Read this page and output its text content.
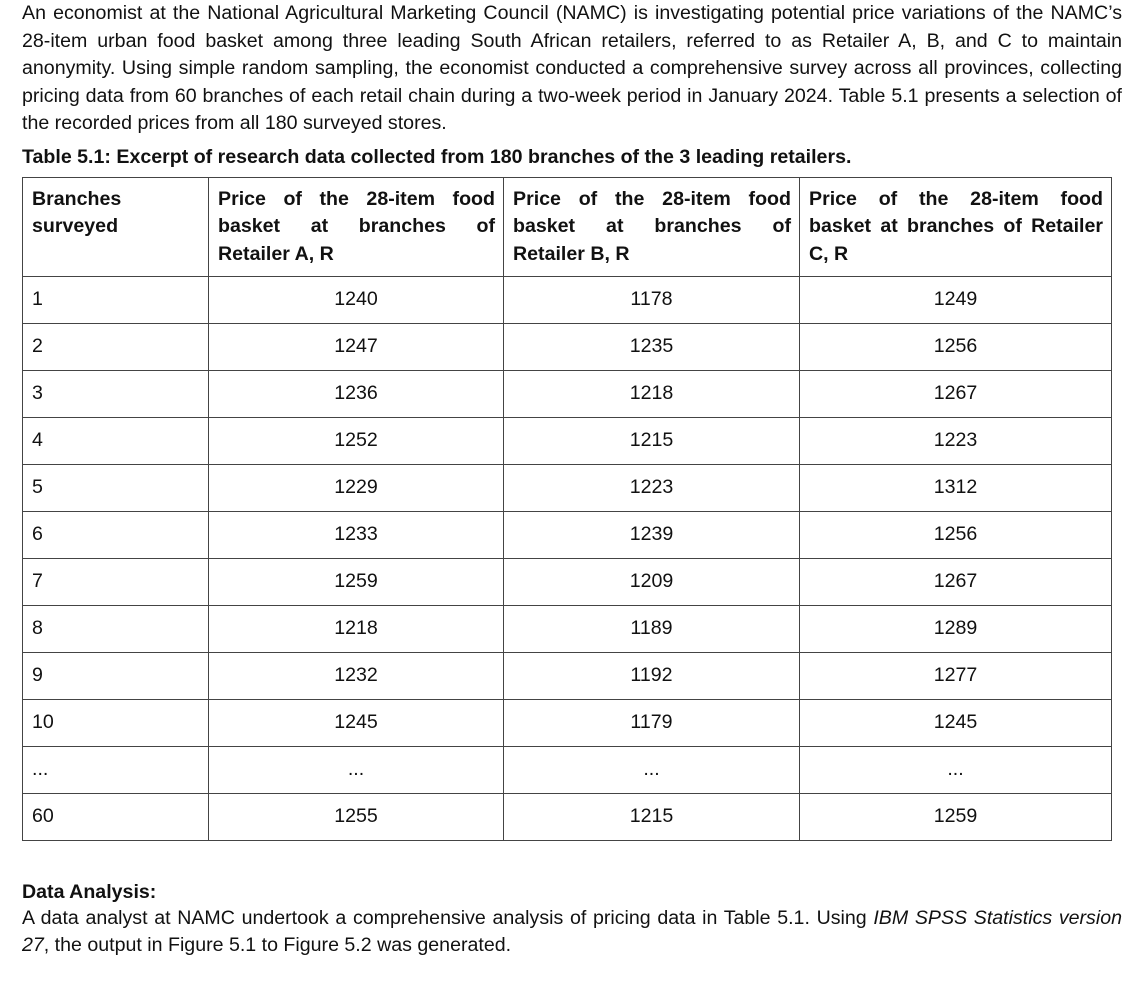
An economist at the National Agricultural Marketing Council (NAMC) is investigating potential price variations of the NAMC’s 28-item urban food basket among three leading South African retailers, referred to as Retailer A, B, and C to maintain anonymity. Using simple random sampling, the economist conducted a comprehensive survey across all provinces, collecting pricing data from 60 branches of each retail chain during a two-week period in January 2024. Table 5.1 presents a selection of the recorded prices from all 180 surveyed stores.

Table 5.1: Excerpt of research data collected from 180 branches of the 3 leading retailers.
Branches surveyed	Price of the 28-item food basket at branches of Retailer A, R	Price of the 28-item food basket at branches of Retailer B, R	Price of the 28-item food basket at branches of Retailer C, R
1	1240	1178	1249
2	1247	1235	1256
3	1236	1218	1267
4	1252	1215	1223
5	1229	1223	1312
6	1233	1239	1256
7	1259	1209	1267
8	1218	1189	1289
9	1232	1192	1277
10	1245	1179	1245
...	...	...	...
60	1255	1215	1259

Data Analysis:

A data analyst at NAMC undertook a comprehensive analysis of pricing data in Table 5.1. Using IBM SPSS Statistics version 27, the output in Figure 5.1 to Figure 5.2 was generated.
